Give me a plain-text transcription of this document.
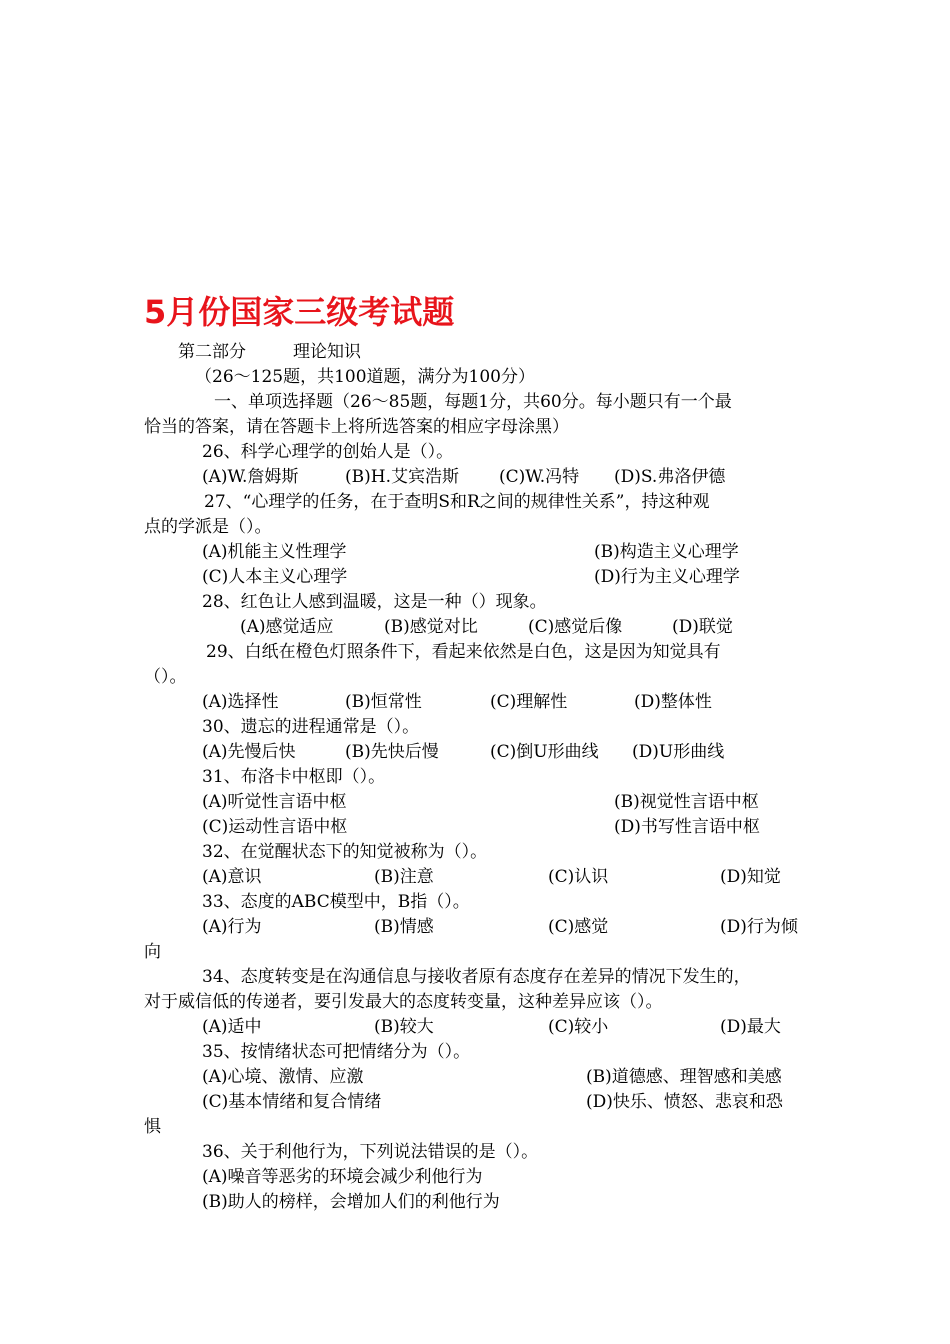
5月份国家三级考试题
第二部分	理论知识
（26～125题，共100道题，满分为100分）
一、单项选择题（26～85题，每题1分，共60分。每小题只有一个最
恰当的答案，请在答题卡上将所选答案的相应字母涂黑）
26、科学心理学的创始人是（）。
(A)W.詹姆斯	(B)H.艾宾浩斯 (C)W.冯特 (D)S.弗洛伊德
27、“心理学的任务，在于查明S和R之间的规律性关系”，持这种观
点的学派是（）。
(A)机能主义性理学	(B)构造主义心理学
(C)人本主义心理学	(D)行为主义心理学
28、红色让人感到温暖，这是一种（）现象。
(A)感觉适应	(B)感觉对比	(C)感觉后像	(D)联觉
29、白纸在橙色灯照条件下，看起来依然是白色，这是因为知觉具有
（）。
(A)选择性	(B)恒常性	(C)理解性	(D)整体性
30、遗忘的进程通常是（）。
(A)先慢后快	(B)先快后慢	(C)倒U形曲线 (D)U形曲线
31、布洛卡中枢即（）。
(A)听觉性言语中枢	(B)视觉性言语中枢
(C)运动性言语中枢	(D)书写性言语中枢
32、在觉醒状态下的知觉被称为（）。
(A)意识	(B)注意	(C)认识	(D)知觉
33、态度的ABC模型中，B指（）。
(A)行为	(B)情感	(C)感觉	(D)行为倾
向
34、态度转变是在沟通信息与接收者原有态度存在差异的情况下发生的，
对于威信低的传递者，要引发最大的态度转变量，这种差异应该（）。
(A)适中	(B)较大	(C)较小	(D)最大
35、按情绪状态可把情绪分为（）。
(A)心境、激情、应激	(B)道德感、理智感和美感
(C)基本情绪和复合情绪	(D)快乐、愤怒、悲哀和恐
惧
36、关于利他行为，下列说法错误的是（）。
(A)噪音等恶劣的环境会减少利他行为
(B)助人的榜样，会增加人们的利他行为
